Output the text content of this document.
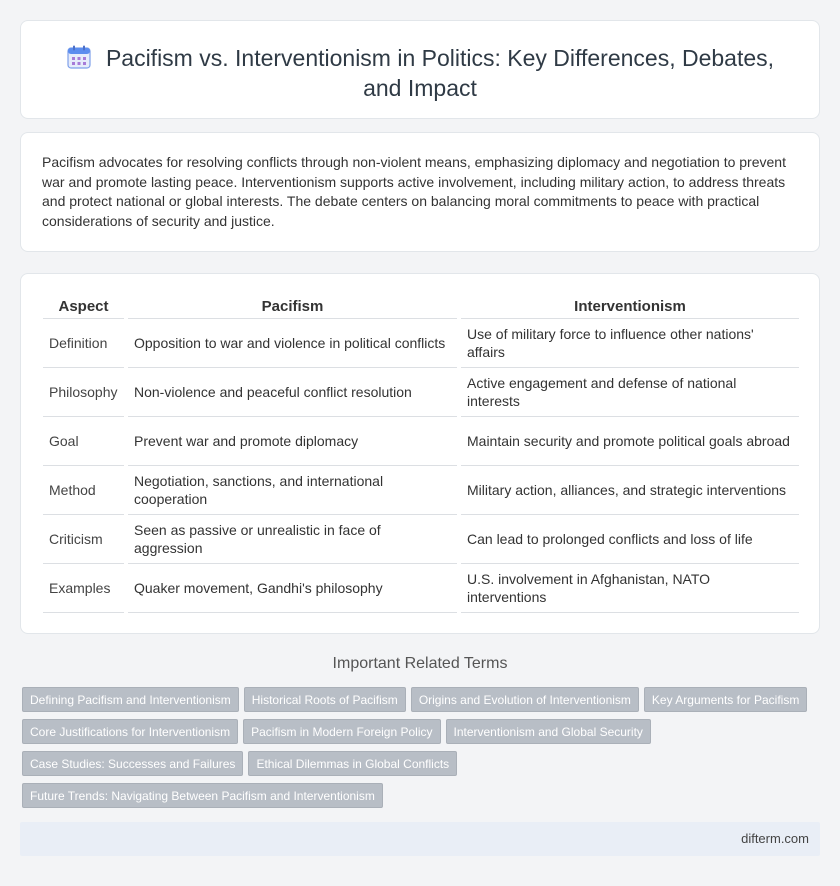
Pacifism vs. Interventionism in Politics: Key Differences, Debates, and Impact

Pacifism advocates for resolving conflicts through non-violent means, emphasizing diplomacy and negotiation to prevent war and promote lasting peace. Interventionism supports active involvement, including military action, to address threats and protect national or global interests. The debate centers on balancing moral commitments to peace with practical considerations of security and justice.

Aspect	Pacifism	Interventionism
Definition	Opposition to war and violence in political conflicts	Use of military force to influence other nations' affairs
Philosophy	Non-violence and peaceful conflict resolution	Active engagement and defense of national interests
Goal	Prevent war and promote diplomacy	Maintain security and promote political goals abroad
Method	Negotiation, sanctions, and international cooperation	Military action, alliances, and strategic interventions
Criticism	Seen as passive or unrealistic in face of aggression	Can lead to prolonged conflicts and loss of life
Examples	Quaker movement, Gandhi's philosophy	U.S. involvement in Afghanistan, NATO interventions
Important Related Terms
Defining Pacifism and Interventionism Historical Roots of Pacifism Origins and Evolution of Interventionism Key Arguments for Pacifism
Core Justifications for Interventionism Pacifism in Modern Foreign Policy Interventionism and Global Security
Case Studies: Successes and Failures Ethical Dilemmas in Global Conflicts
Future Trends: Navigating Between Pacifism and Interventionism
difterm.com
